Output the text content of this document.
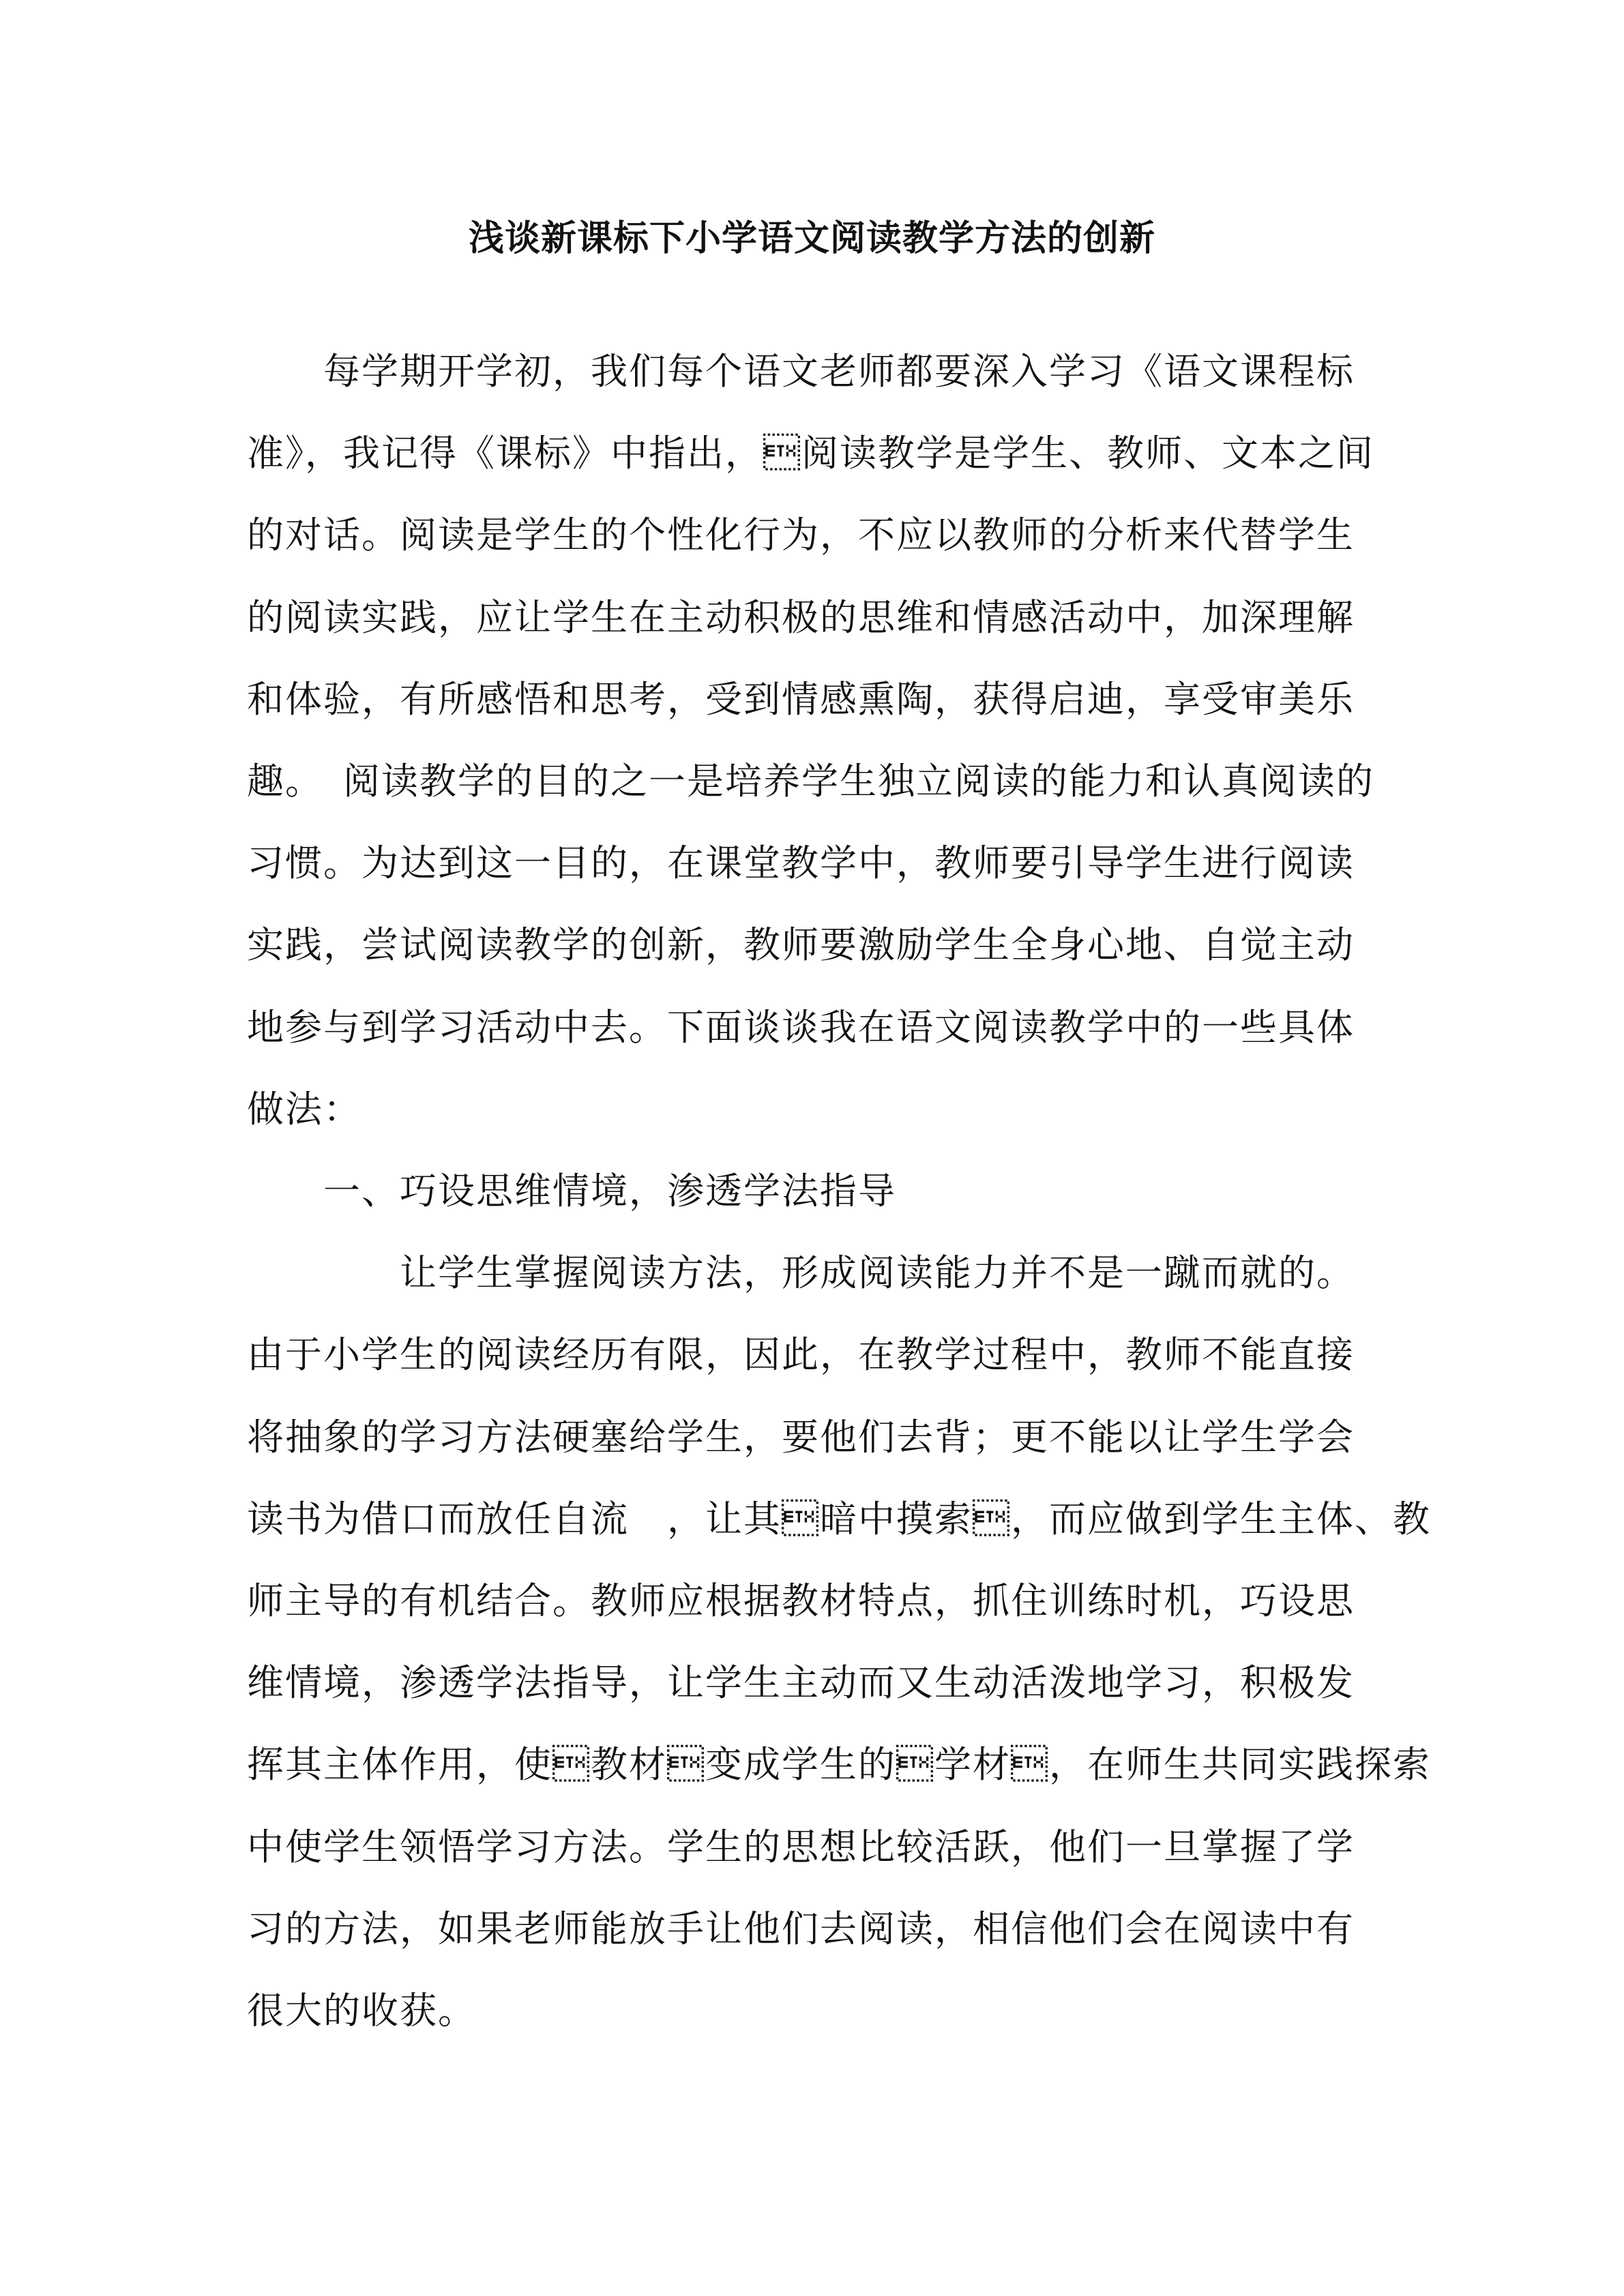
浅谈新课标下小学语文阅读教学方法的创新
　　每学期开学初，我们每个语文老师都要深入学习《语文课程标
准》，我记得《课标》中指出，阅读教学是学生、教师、文本之间
的对话。阅读是学生的个性化行为，不应以教师的分析来代替学生
的阅读实践，应让学生在主动积极的思维和情感活动中，加深理解
和体验，有所感悟和思考，受到情感熏陶，获得启迪，享受审美乐
趣。　阅读教学的目的之一是培养学生独立阅读的能力和认真阅读的
习惯。为达到这一目的，在课堂教学中，教师要引导学生进行阅读
实践，尝试阅读教学的创新，教师要激励学生全身心地、自觉主动
地参与到学习活动中去。下面谈谈我在语文阅读教学中的一些具体
做法：
　　一、巧设思维情境，渗透学法指导
　　　　让学生掌握阅读方法，形成阅读能力并不是一蹴而就的。
由于小学生的阅读经历有限，因此，在教学过程中，教师不能直接
将抽象的学习方法硬塞给学生，要他们去背；更不能以让学生学会
读书为借口而放任自流　，让其暗中摸索，而应做到学生主体、教
师主导的有机结合。教师应根据教材特点，抓住训练时机，巧设思
维情境，渗透学法指导，让学生主动而又生动活泼地学习，积极发
挥其主体作用，使教材变成学生的学材，在师生共同实践探索
中使学生领悟学习方法。学生的思想比较活跃，他们一旦掌握了学
习的方法，如果老师能放手让他们去阅读，相信他们会在阅读中有
很大的收获。
